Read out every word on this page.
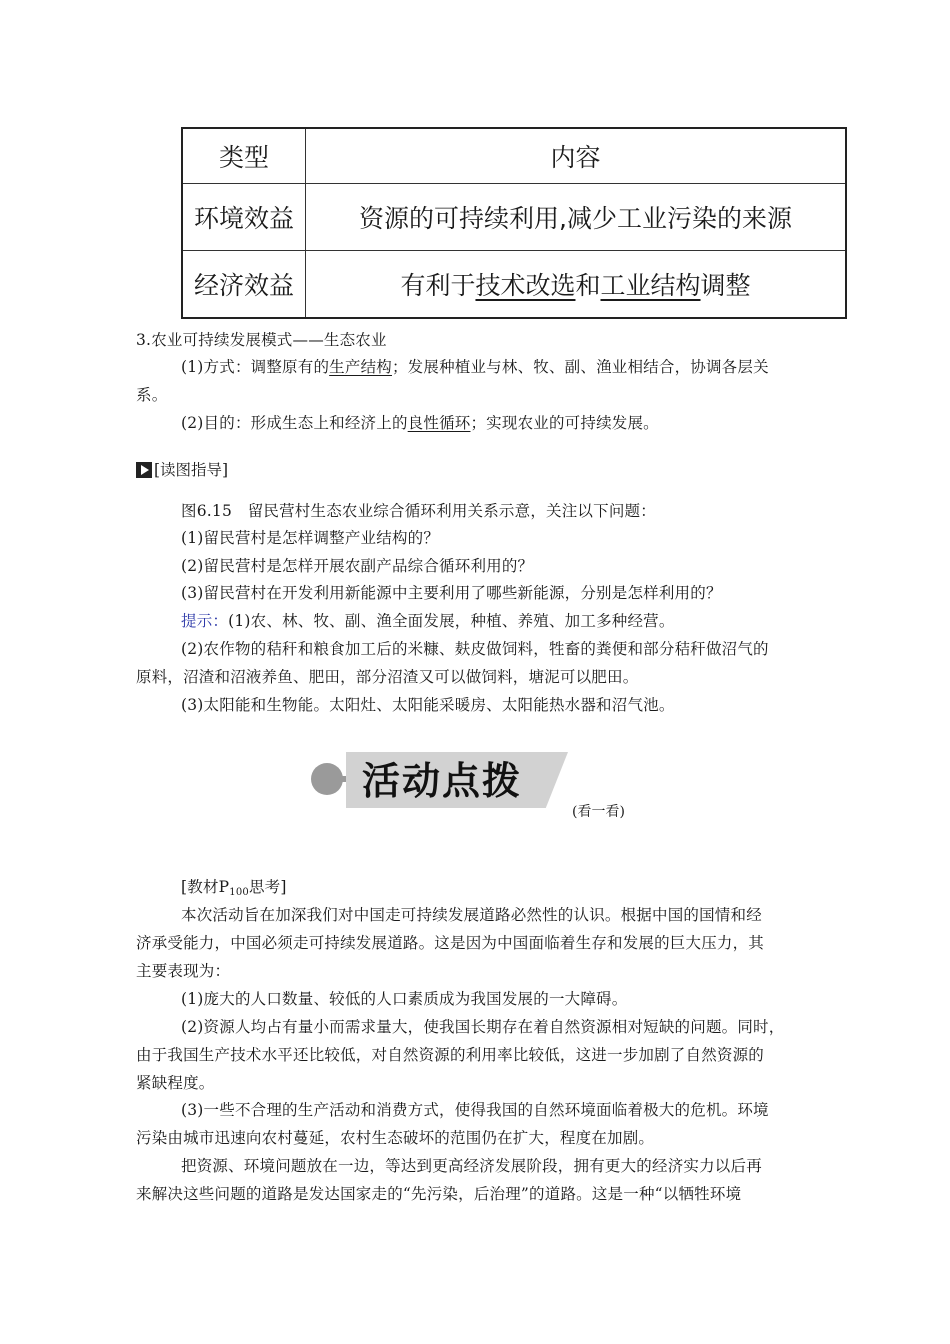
类型	内容
环境效益	资源的可持续利用,减少工业污染的来源
经济效益	有利于技术改选和工业结构调整
3.农业可持续发展模式——生态农业
(1)方式：调整原有的生产结构；发展种植业与林、牧、副、渔业相结合，协调各层关
系。
(2)目的：形成生态上和经济上的良性循环；实现农业的可持续发展。
[读图指导]
图6.15　留民营村生态农业综合循环利用关系示意，关注以下问题：
(1)留民营村是怎样调整产业结构的？
(2)留民营村是怎样开展农副产品综合循环利用的？
(3)留民营村在开发利用新能源中主要利用了哪些新能源，分别是怎样利用的？
提示：(1)农、林、牧、副、渔全面发展，种植、养殖、加工多种经营。
(2)农作物的秸秆和粮食加工后的米糠、麸皮做饲料，牲畜的粪便和部分秸秆做沼气的
原料，沼渣和沼液养鱼、肥田，部分沼渣又可以做饲料，塘泥可以肥田。
(3)太阳能和生物能。太阳灶、太阳能采暖房、太阳能热水器和沼气池。
活动点拨
(看一看)
[教材P100思考]
本次活动旨在加深我们对中国走可持续发展道路必然性的认识。根据中国的国情和经
济承受能力，中国必须走可持续发展道路。这是因为中国面临着生存和发展的巨大压力，其
主要表现为：
(1)庞大的人口数量、较低的人口素质成为我国发展的一大障碍。
(2)资源人均占有量小而需求量大，使我国长期存在着自然资源相对短缺的问题。同时，
由于我国生产技术水平还比较低，对自然资源的利用率比较低，这进一步加剧了自然资源的
紧缺程度。
(3)一些不合理的生产活动和消费方式，使得我国的自然环境面临着极大的危机。环境
污染由城市迅速向农村蔓延，农村生态破坏的范围仍在扩大，程度在加剧。
把资源、环境问题放在一边，等达到更高经济发展阶段，拥有更大的经济实力以后再
来解决这些问题的道路是发达国家走的“先污染，后治理”的道路。这是一种“以牺牲环境
